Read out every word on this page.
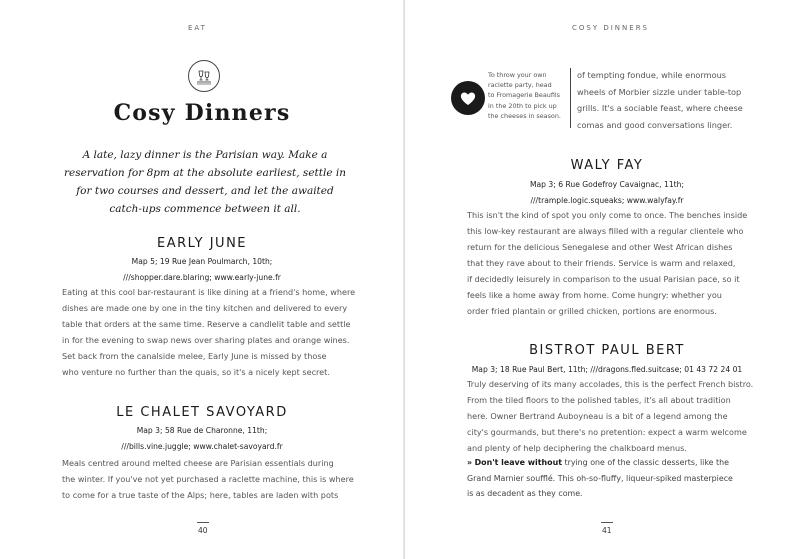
EAT
Cosy Dinners
A late, lazy dinner is the Parisian way. Make a
reservation for 8pm at the absolute earliest, settle in
for two courses and dessert, and let the awaited
catch-ups commence between it all.
EARLY JUNE
Map 5; 19 Rue Jean Poulmarch, 10th;
///shopper.dare.blaring; www.early-june.fr
Eating at this cool bar-restaurant is like dining at a friend's home, where
dishes are made one by one in the tiny kitchen and delivered to every
table that orders at the same time. Reserve a candlelit table and settle
in for the evening to swap news over sharing plates and orange wines.
Set back from the canalside melee, Early June is missed by those
who venture no further than the quais, so it's a nicely kept secret.
LE CHALET SAVOYARD
Map 3; 58 Rue de Charonne, 11th;
///bills.vine.juggle; www.chalet-savoyard.fr
Meals centred around melted cheese are Parisian essentials during
the winter. If you've not yet purchased a raclette machine, this is where
to come for a true taste of the Alps; here, tables are laden with pots
40
COSY DINNERS
To throw your own
raclette party, head
to Fromagerie Beaufils
in the 20th to pick up
the cheeses in season.
of tempting fondue, while enormous
wheels of Morbier sizzle under table-top
grills. It's a sociable feast, where cheese
comas and good conversations linger.
WALY FAY
Map 3; 6 Rue Godefroy Cavaignac, 11th;
///trample.logic.squeaks; www.walyfay.fr
This isn't the kind of spot you only come to once. The benches inside
this low-key restaurant are always filled with a regular clientele who
return for the delicious Senegalese and other West African dishes
that they rave about to their friends. Service is warm and relaxed,
if decidedly leisurely in comparison to the usual Parisian pace, so it
feels like a home away from home. Come hungry: whether you
order fried plantain or grilled chicken, portions are enormous.
BISTROT PAUL BERT
Map 3; 18 Rue Paul Bert, 11th; ///dragons.fled.suitcase; 01 43 72 24 01
Truly deserving of its many accolades, this is the perfect French bistro.
From the tiled floors to the polished tables, it's all about tradition
here. Owner Bertrand Auboyneau is a bit of a legend among the
city's gourmands, but there's no pretention: expect a warm welcome
and plenty of help deciphering the chalkboard menus.
» Don't leave without trying one of the classic desserts, like the
Grand Marnier soufflé. This oh-so-fluffy, liqueur-spiked masterpiece
is as decadent as they come.
41
